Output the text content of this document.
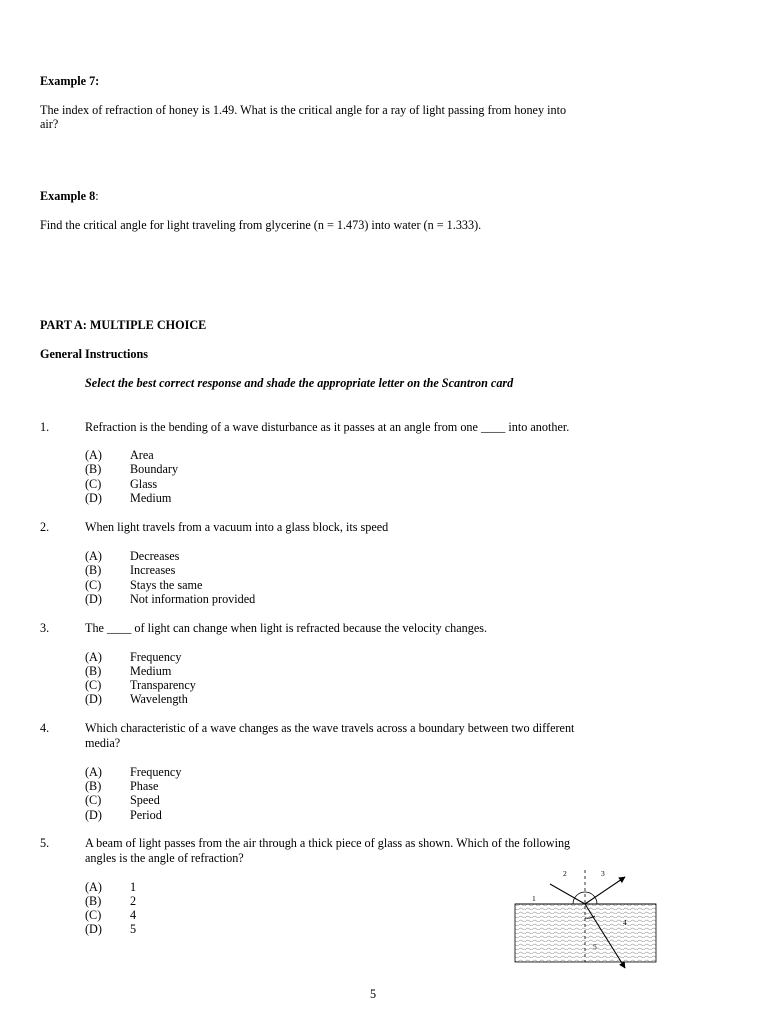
Example 7:
The index of refraction of honey is 1.49. What is the critical angle for a ray of light passing from honey into
air?
Example 8:
Find the critical angle for light traveling from glycerine (n = 1.473) into water (n = 1.333).
PART A: MULTIPLE CHOICE
General Instructions
Select the best correct response and shade the appropriate letter on the Scantron card
1.	Refraction is the bending of a wave disturbance as it passes at an angle from one ____ into another.
(A) Area
(B) Boundary
(C) Glass
(D) Medium
2.	When light travels from a vacuum into a glass block, its speed
(A) Decreases
(B) Increases
(C) Stays the same
(D) Not information provided
3.	The ____ of light can change when light is refracted because the velocity changes.
(A) Frequency
(B) Medium
(C) Transparency
(D) Wavelength
4.	Which characteristic of a wave changes as the wave travels across a boundary between two different
media?
(A) Frequency
(B) Phase
(C) Speed
(D) Period
5.	A beam of light passes from the air through a thick piece of glass as shown. Which of the following
angles is the angle of refraction?
(A) 1
(B) 2
(C) 4
(D) 5
1
2	3
4
5
5
